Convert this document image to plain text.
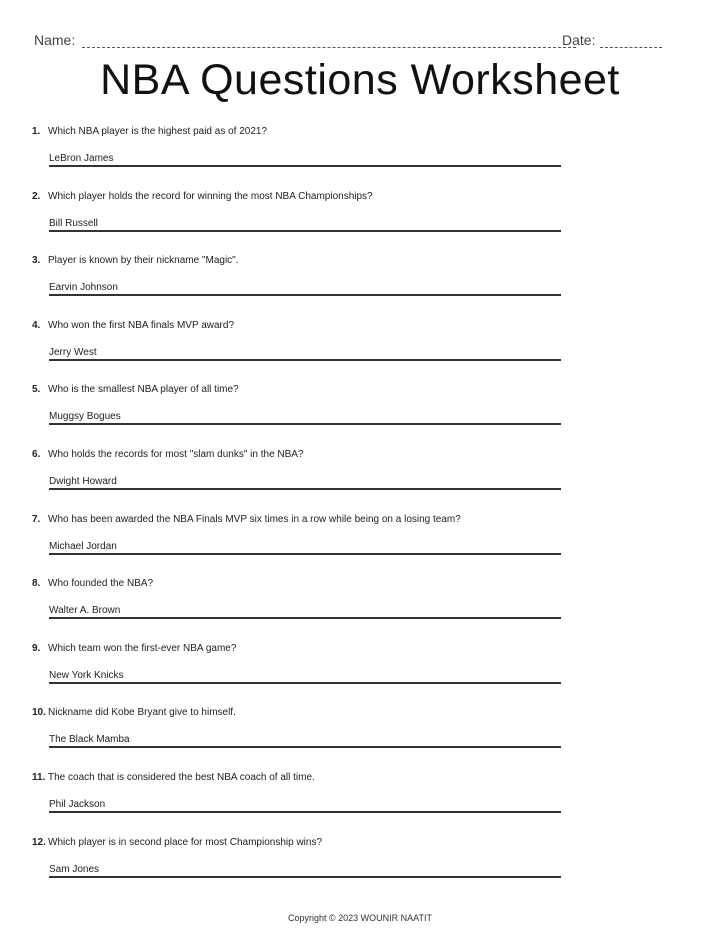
Name:	Date:
NBA Questions Worksheet
1. Which NBA player is the highest paid as of 2021?
LeBron James
2. Which player holds the record for winning the most NBA Championships?
Bill Russell
3. Player is known by their nickname "Magic".
Earvin Johnson
4. Who won the first NBA finals MVP award?
Jerry West
5. Who is the smallest NBA player of all time?
Muggsy Bogues
6. Who holds the records for most "slam dunks" in the NBA?
Dwight Howard
7. Who has been awarded the NBA Finals MVP six times in a row while being on a losing team?
Michael Jordan
8. Who founded the NBA?
Walter A. Brown
9. Which team won the first-ever NBA game?
New York Knicks
10. Nickname did Kobe Bryant give to himself.
The Black Mamba
11. The coach that is considered the best NBA coach of all time.
Phil Jackson
12. Which player is in second place for most Championship wins?
Sam Jones
Copyright © 2023 WOUNIR NAATIT
